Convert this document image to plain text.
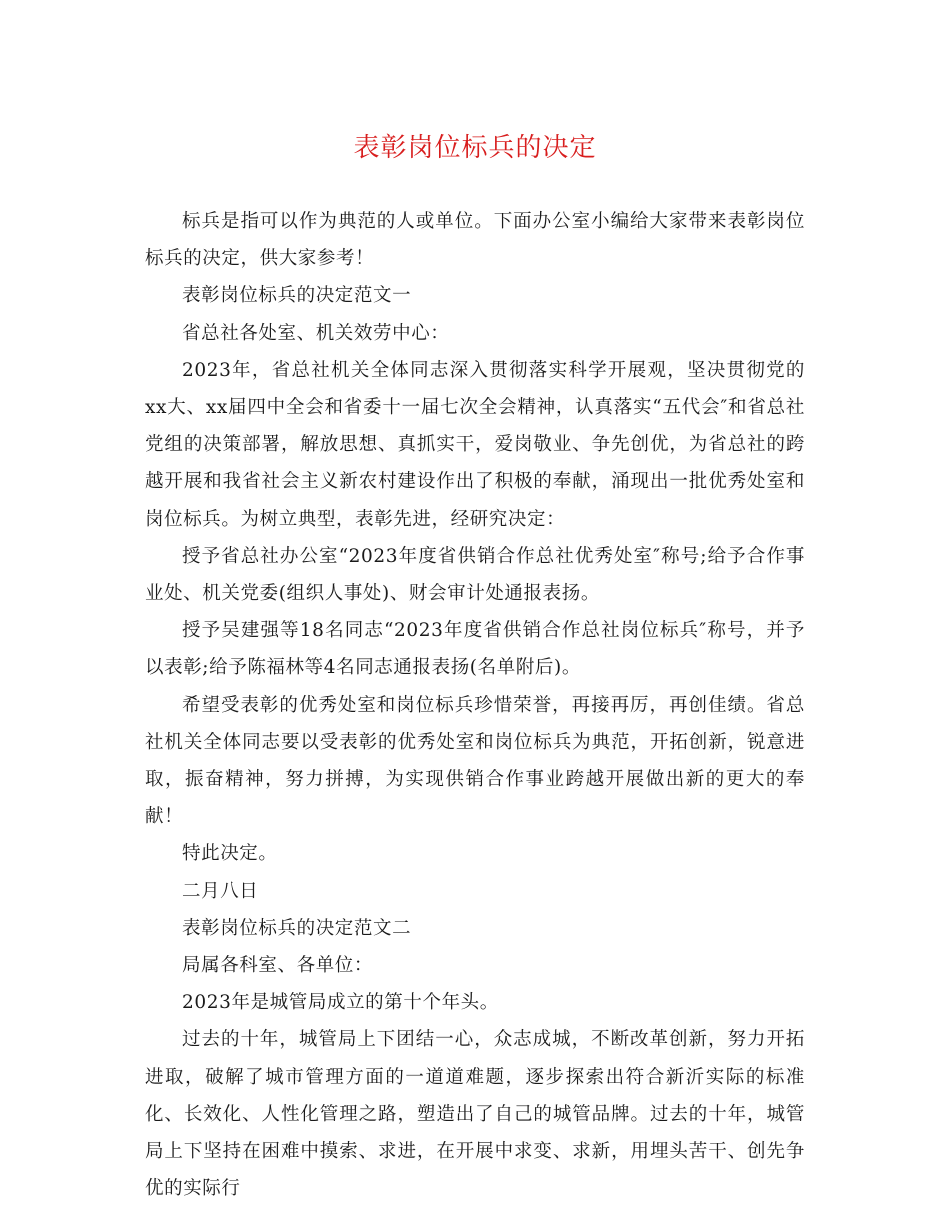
表彰岗位标兵的决定

标兵是指可以作为典范的人或单位。下面办公室小编给大家带来表彰岗位标兵的决定，供大家参考！

表彰岗位标兵的决定范文一

省总社各处室、机关效劳中心：

2023年，省总社机关全体同志深入贯彻落实科学开展观，坚决贯彻党的xx大、xx届四中全会和省委十一届七次全会精神，认真落实“五代会″和省总社党组的决策部署，解放思想、真抓实干，爱岗敬业、争先创优，为省总社的跨越开展和我省社会主义新农村建设作出了积极的奉献，涌现出一批优秀处室和岗位标兵。为树立典型，表彰先进，经研究决定：

授予省总社办公室“2023年度省供销合作总社优秀处室″称号;给予合作事业处、机关党委(组织人事处)、财会审计处通报表扬。

授予吴建强等18名同志“2023年度省供销合作总社岗位标兵″称号，并予以表彰;给予陈福林等4名同志通报表扬(名单附后)。

希望受表彰的优秀处室和岗位标兵珍惜荣誉，再接再厉，再创佳绩。省总社机关全体同志要以受表彰的优秀处室和岗位标兵为典范，开拓创新，锐意进取，振奋精神，努力拼搏，为实现供销合作事业跨越开展做出新的更大的奉献！

特此决定。

二月八日

表彰岗位标兵的决定范文二

局属各科室、各单位：

2023年是城管局成立的第十个年头。

过去的十年，城管局上下团结一心，众志成城，不断改革创新，努力开拓进取，破解了城市管理方面的一道道难题，逐步探索出符合新沂实际的标准化、长效化、人性化管理之路，塑造出了自己的城管品牌。过去的十年，城管局上下坚持在困难中摸索、求进，在开展中求变、求新，用埋头苦干、创先争优的实际行
